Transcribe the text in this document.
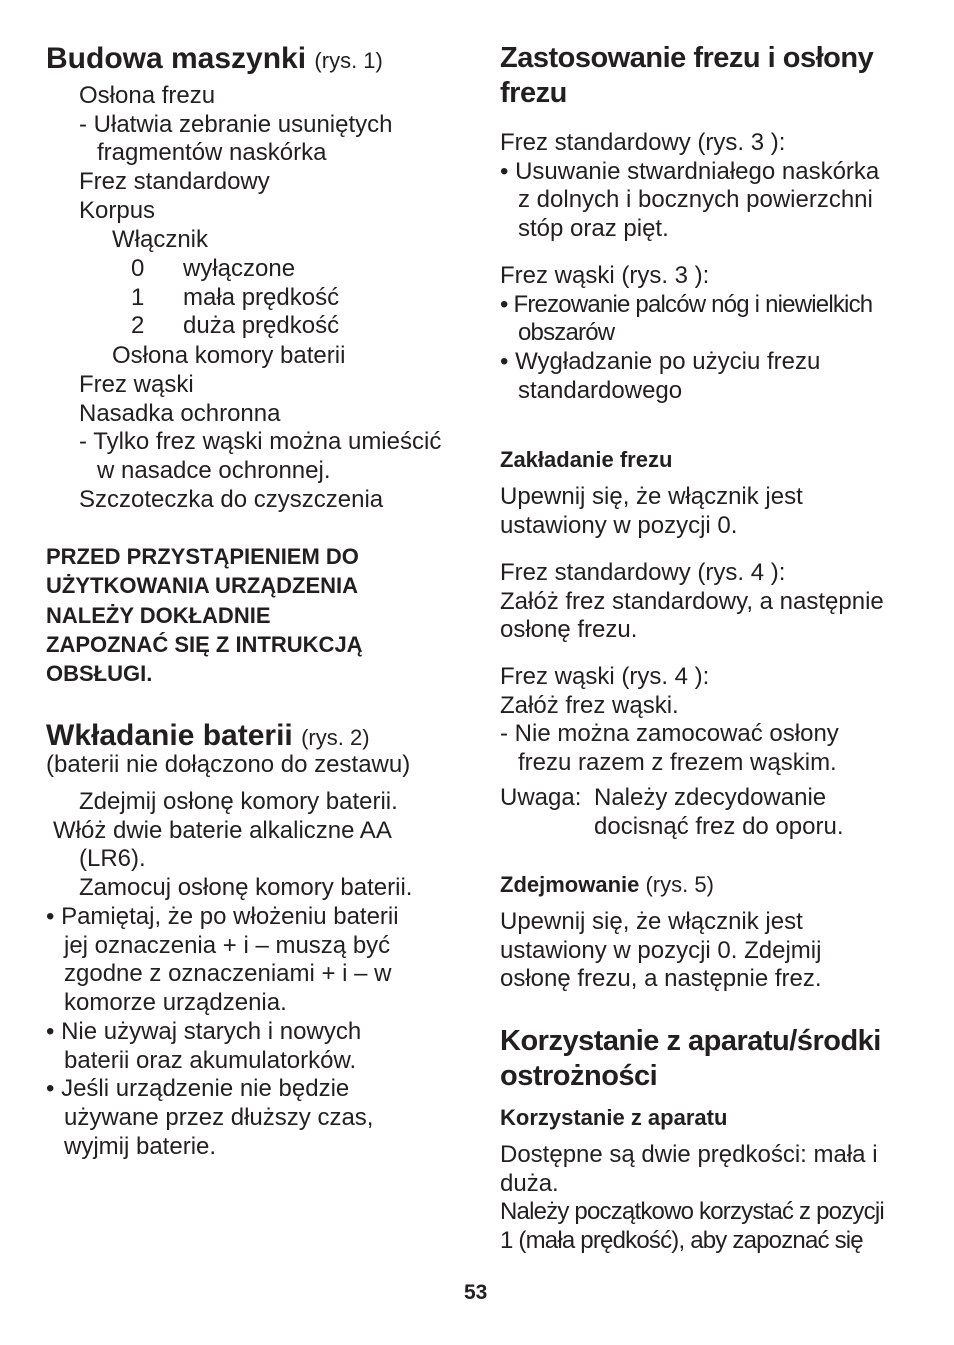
Budowa maszynki (rys. 1)
Osłona frezu
- Ułatwia zebranie usuniętych
fragmentów naskórka
Frez standardowy
Korpus
Włącznik
0 wyłączone
1 mała prędkość
2 duża prędkość
Osłona komory baterii
Frez wąski
Nasadka ochronna
- Tylko frez wąski można umieścić
w nasadce ochronnej.
Szczoteczka do czyszczenia
PRZED PRZYSTĄPIENIEM DO
UŻYTKOWANIA URZĄDZENIA
NALEŻY DOKŁADNIE
ZAPOZNAĆ SIĘ Z INTRUKCJĄ
OBSŁUGI.
Wkładanie baterii (rys. 2)
(baterii nie dołączono do zestawu)
Zdejmij osłonę komory baterii.
Włóż dwie baterie alkaliczne AA
(LR6).
Zamocuj osłonę komory baterii.
• Pamiętaj, że po włożeniu baterii
jej oznaczenia + i – muszą być
zgodne z oznaczeniami + i – w
komorze urządzenia.
• Nie używaj starych i nowych
baterii oraz akumulatorków.
• Jeśli urządzenie nie będzie
używane przez dłuższy czas,
wyjmij baterie.
Zastosowanie frezu i osłony
frezu
Frez standardowy (rys. 3 ):
• Usuwanie stwardniałego naskórka
z dolnych i bocznych powierzchni
stóp oraz pięt.
Frez wąski (rys. 3 ):
• Frezowanie palców nóg i niewielkich
obszarów
• Wygładzanie po użyciu frezu
standardowego
Zakładanie frezu
Upewnij się, że włącznik jest
ustawiony w pozycji 0.
Frez standardowy (rys. 4 ):
Załóż frez standardowy, a następnie
osłonę frezu.
Frez wąski (rys. 4 ):
Załóż frez wąski.
- Nie można zamocować osłony
frezu razem z frezem wąskim.
Uwaga: Należy zdecydowanie
docisnąć frez do oporu.
Zdejmowanie (rys. 5)
Upewnij się, że włącznik jest
ustawiony w pozycji 0. Zdejmij
osłonę frezu, a następnie frez.
Korzystanie z aparatu/środki
ostrożności
Korzystanie z aparatu
Dostępne są dwie prędkości: mała i
duża.
Należy początkowo korzystać z pozycji
1 (mała prędkość), aby zapoznać się
53
